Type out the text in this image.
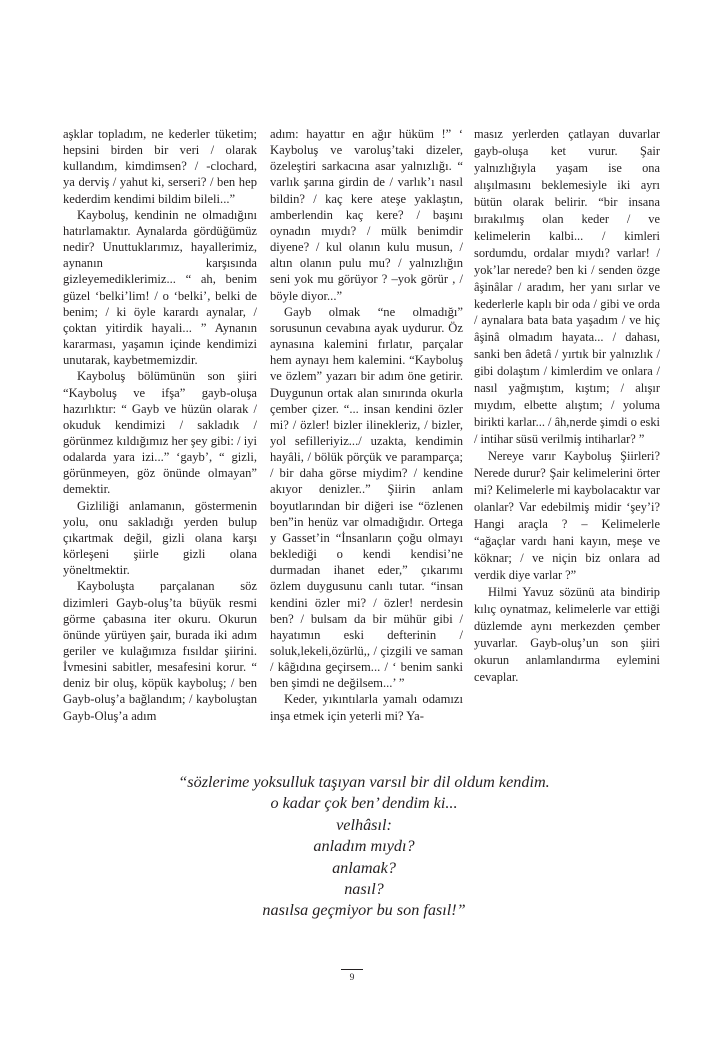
aşklar topladım, ne kederler tüketim; hepsini birden bir veri / olarak kullandım, kimdimsen? / -clochard, ya derviş / yahut ki, serseri? / ben hep kederdim kendimi bildim bileli...”

Kayboluş, kendinin ne olmadığını hatırlamaktır. Aynalarda gördüğümüz nedir? Unuttuklarımız, hayallerimiz, aynanın karşısında gizleyemediklerimiz... “ ah, benim güzel ‘belki’lim! / o ‘belki’, belki de benim; / ki öyle karardı aynalar, / çoktan yitirdik hayali... ” Aynanın kararması, yaşamın içinde kendimizi unutarak, kaybetmemizdir.

Kayboluş bölümünün son şiiri “Kayboluş ve ifşa” gayb-oluşa hazırlıktır: “ Gayb ve hüzün olarak / okuduk kendimizi / sakladık / görünmez kıldığımız her şey gibi: / iyi odalarda yara izi...” ‘gayb’, “ gizli, görünmeyen, göz önünde olmayan” demektir.

Gizliliği anlamanın, göstermenin yolu, onu sakladığı yerden bulup çıkartmak değil, gizli olana karşı körleşeni şiirle gizli olana yöneltmektir.

Kayboluşta parçalanan söz dizimleri Gayb-oluş’ta büyük resmi görme çabasına iter okuru. Okurun önünde yürüyen şair, burada iki adım geriler ve kulağımıza fısıldar şiirini. İvmesini sabitler, mesafesini korur. “ deniz bir oluş, köpük kayboluş; / ben Gayb-oluş’a bağlandım; / kayboluştan Gayb-Oluş’a adım

adım: hayattır en ağır hüküm !” ‘ Kayboluş ve varoluş’taki dizeler, özeleştiri sarkacına asar yalnızlığı. “ varlık şarına girdin de / varlık’ı nasıl bildin? / kaç kere ateşe yaklaştın, amberlendin kaç kere? / başını oynadın mıydı? / mülk benimdir diyene? / kul olanın kulu musun, / altın olanın pulu mu? / yalnızlığın seni yok mu görüyor ? –yok görür , / böyle diyor...”

Gayb olmak “ne olmadığı” sorusunun cevabına ayak uydurur. Öz aynasına kalemini fırlatır, parçalar hem aynayı hem kalemini. “Kayboluş ve özlem” yazarı bir adım öne getirir. Duygunun ortak alan sınırında okurla çember çizer. “... insan kendini özler mi? / özler! bizler ilinekleriz, / bizler, yol sefilleriyiz.../ uzakta, kendimin hayâli, / bölük pörçük ve paramparça; / bir daha görse miydim? / kendine akıyor denizler..” Şiirin anlam boyutlarından bir diğeri ise “özlenen ben”in henüz var olmadığıdır. Ortega y Gasset’in “İnsanların çoğu olmayı beklediği o kendi kendisi’ne durmadan ihanet eder,” çıkarımı özlem duygusunu canlı tutar. “insan kendini özler mi? / özler! nerdesin ben? / bulsam da bir mühür gibi / hayatımın eski defterinin / soluk,lekeli,özürlü,, / çizgili ve saman / kâğıdına geçirsem... / ‘ benim sanki ben şimdi ne değilsem...’ ”

Keder, yıkıntılarla yamalı odamızı inşa etmek için yeterli mi? Ya-

masız yerlerden çatlayan duvarlar gayb-oluşa ket vurur. Şair yalnızlığıyla yaşam ise ona alışılmasını beklemesiyle iki ayrı bütün olarak belirir. “bir insana bırakılmış olan keder / ve kelimelerin kalbi... / kimleri sordumdu, ordalar mıydı? varlar! / yok’lar nerede? ben ki / senden özge âşinâlar / aradım, her yanı sırlar ve kederlerle kaplı bir oda / gibi ve orda / aynalara bata bata yaşadım / ve hiç âşinâ olmadım hayata... / dahası, sanki ben âdetâ / yırtık bir yalnızlık / gibi dolaştım / kimlerdim ve onlara / nasıl yağmıştım, kıştım; / alışır mıydım, elbette alıştım; / yoluma birikti karlar... / âh,nerde şimdi o eski / intihar süsü verilmiş intiharlar? ”

Nereye varır Kayboluş Şiirleri? Nerede durur? Şair kelimelerini örter mi? Kelimelerle mi kaybolacaktır var olanlar? Var edebilmiş midir ‘şey’i? Hangi araçla ? – Kelimelerle “ağaçlar vardı hani kayın, meşe ve köknar; / ve niçin biz onlara ad verdik diye varlar ?”

Hilmi Yavuz sözünü ata bindirip kılıç oynatmaz, kelimelerle var ettiği düzlemde aynı merkezden çember yuvarlar. Gayb-oluş’un son şiiri okurun anlamlandırma eylemini cevaplar.

“sözlerime yoksulluk taşıyan varsıl bir dil oldum kendim.
o kadar çok ben’ dendim ki...
velhâsıl:
anladım mıydı?
anlamak?
nasıl?
nasılsa geçmiyor bu son fasıl!”
9
